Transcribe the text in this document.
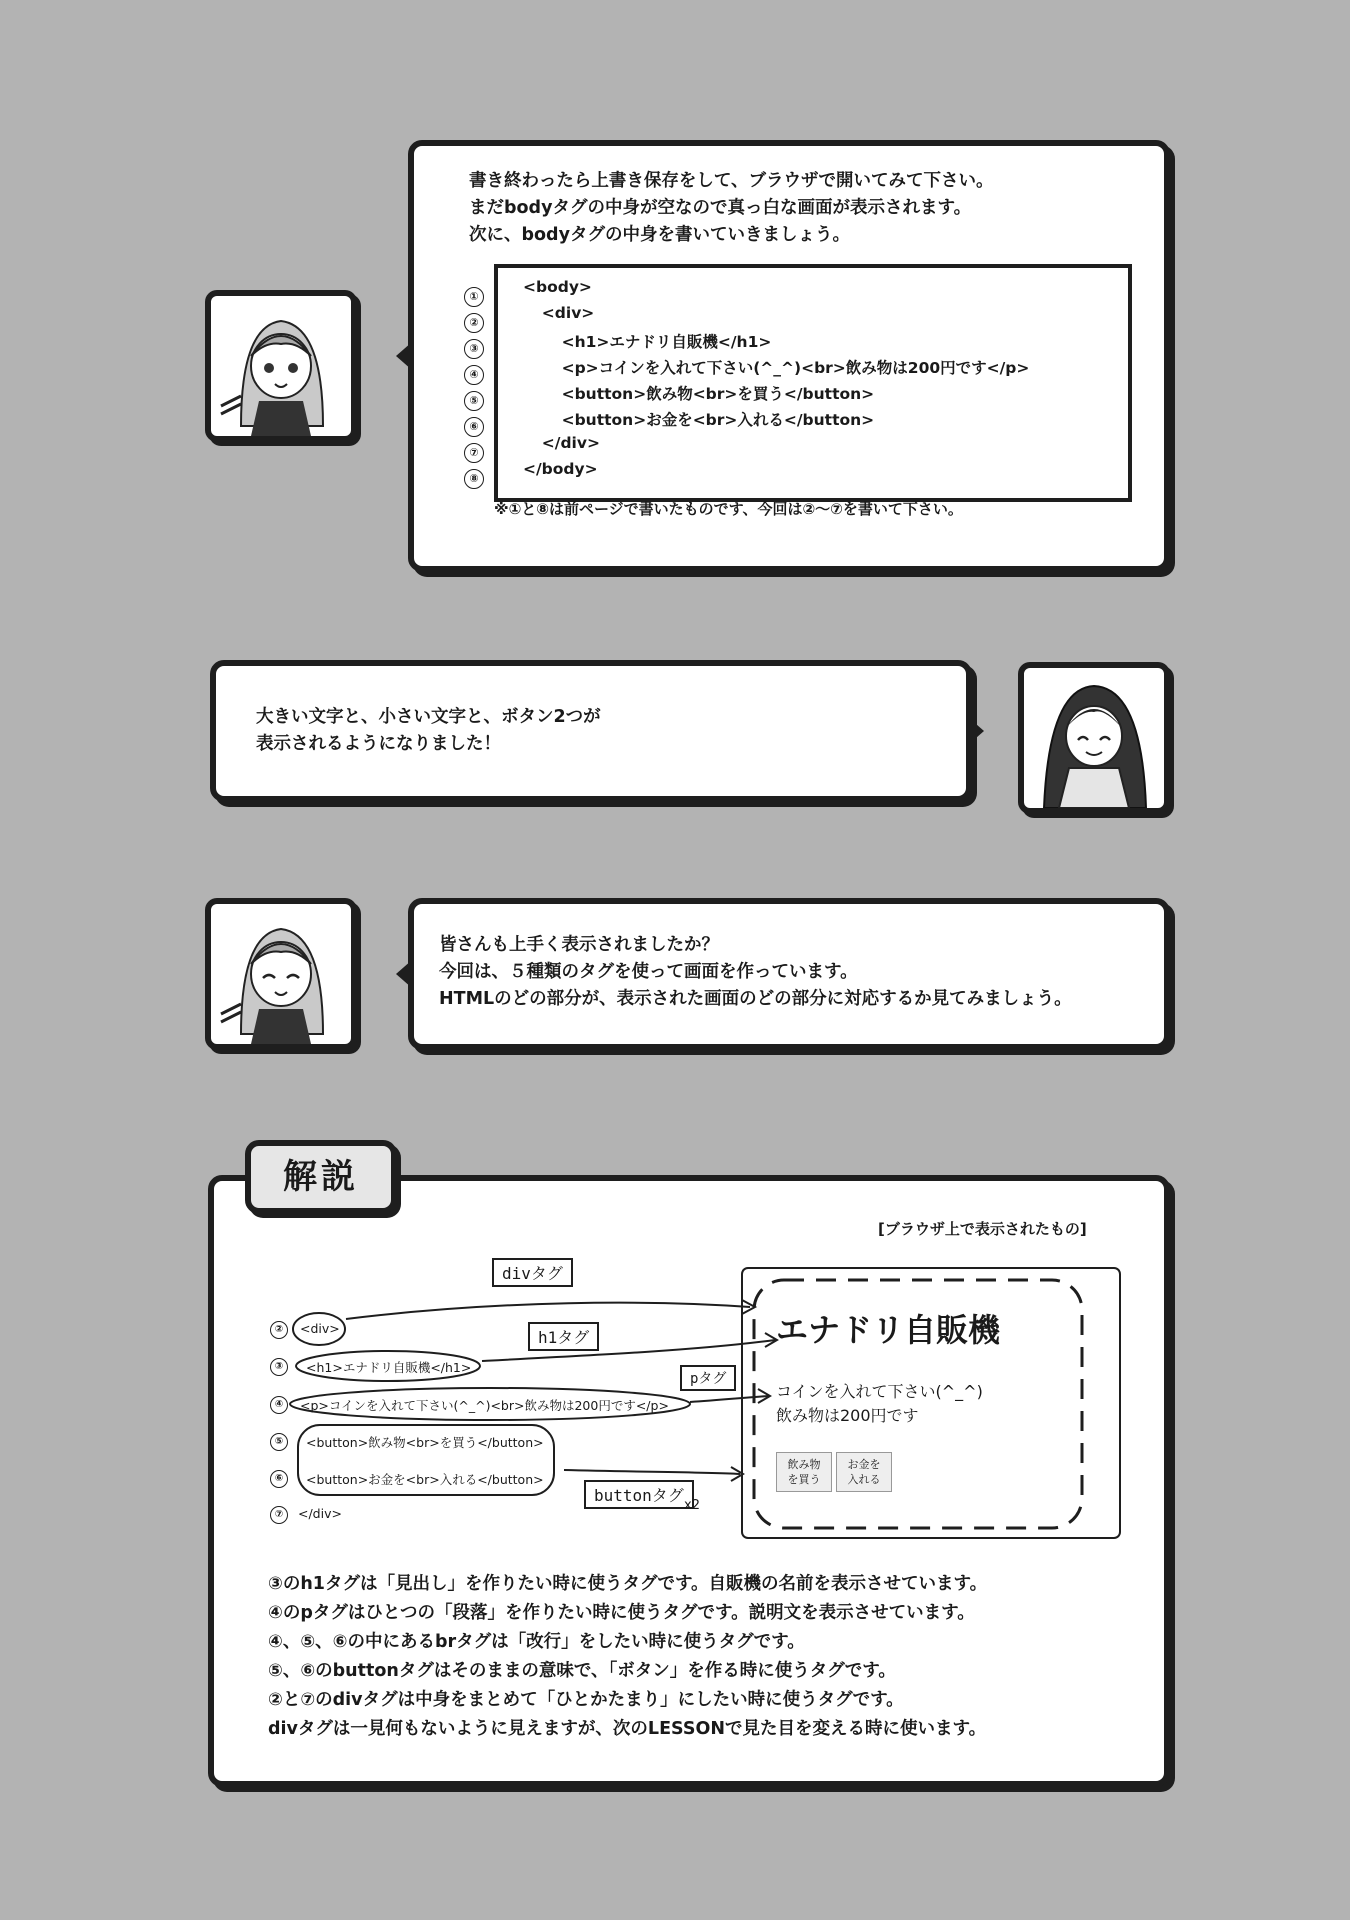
書き終わったら上書き保存をして、ブラウザで開いてみて下さい。
まだbodyタグの中身が空なので真っ白な画面が表示されます。
次に、bodyタグの中身を書いていきましょう。
①
②
③
④
⑤
⑥
⑦
⑧
<body>
<div>
<h1>エナドリ自販機</h1>
<p>コインを入れて下さい(^_^)<br>飲み物は200円です</p>
<button>飲み物<br>を買う</button>
<button>お金を<br>入れる</button>
</div>
</body>
※①と⑧は前ページで書いたものです、今回は②〜⑦を書いて下さい。
大きい文字と、小さい文字と、ボタン2つが
表示されるようになりました！
皆さんも上手く表示されましたか？
今回は、５種類のタグを使って画面を作っています。
HTMLのどの部分が、表示された画面のどの部分に対応するか見てみましょう。
解説
[ブラウザ上で表示されたもの]
②
③
④
⑤
⑥
⑦
<div>
<h1>エナドリ自販機</h1>
<p>コインを入れて下さい(^_^)<br>飲み物は200円です</p>
<button>飲み物<br>を買う</button>
<button>お金を<br>入れる</button>
</div>
divタグ
h1タグ
pタグ
buttonタグ
x2
エナドリ自販機
コインを入れて下さい(^_^)
飲み物は200円です
飲み物
を買う
お金を
入れる
③のh1タグは「見出し」を作りたい時に使うタグです。自販機の名前を表示させています。
④のpタグはひとつの「段落」を作りたい時に使うタグです。説明文を表示させています。
④、⑤、⑥の中にあるbrタグは「改行」をしたい時に使うタグです。
⑤、⑥のbuttonタグはそのままの意味で、「ボタン」を作る時に使うタグです。
②と⑦のdivタグは中身をまとめて「ひとかたまり」にしたい時に使うタグです。
divタグは一見何もないように見えますが、次のLESSONで見た目を変える時に使います。
